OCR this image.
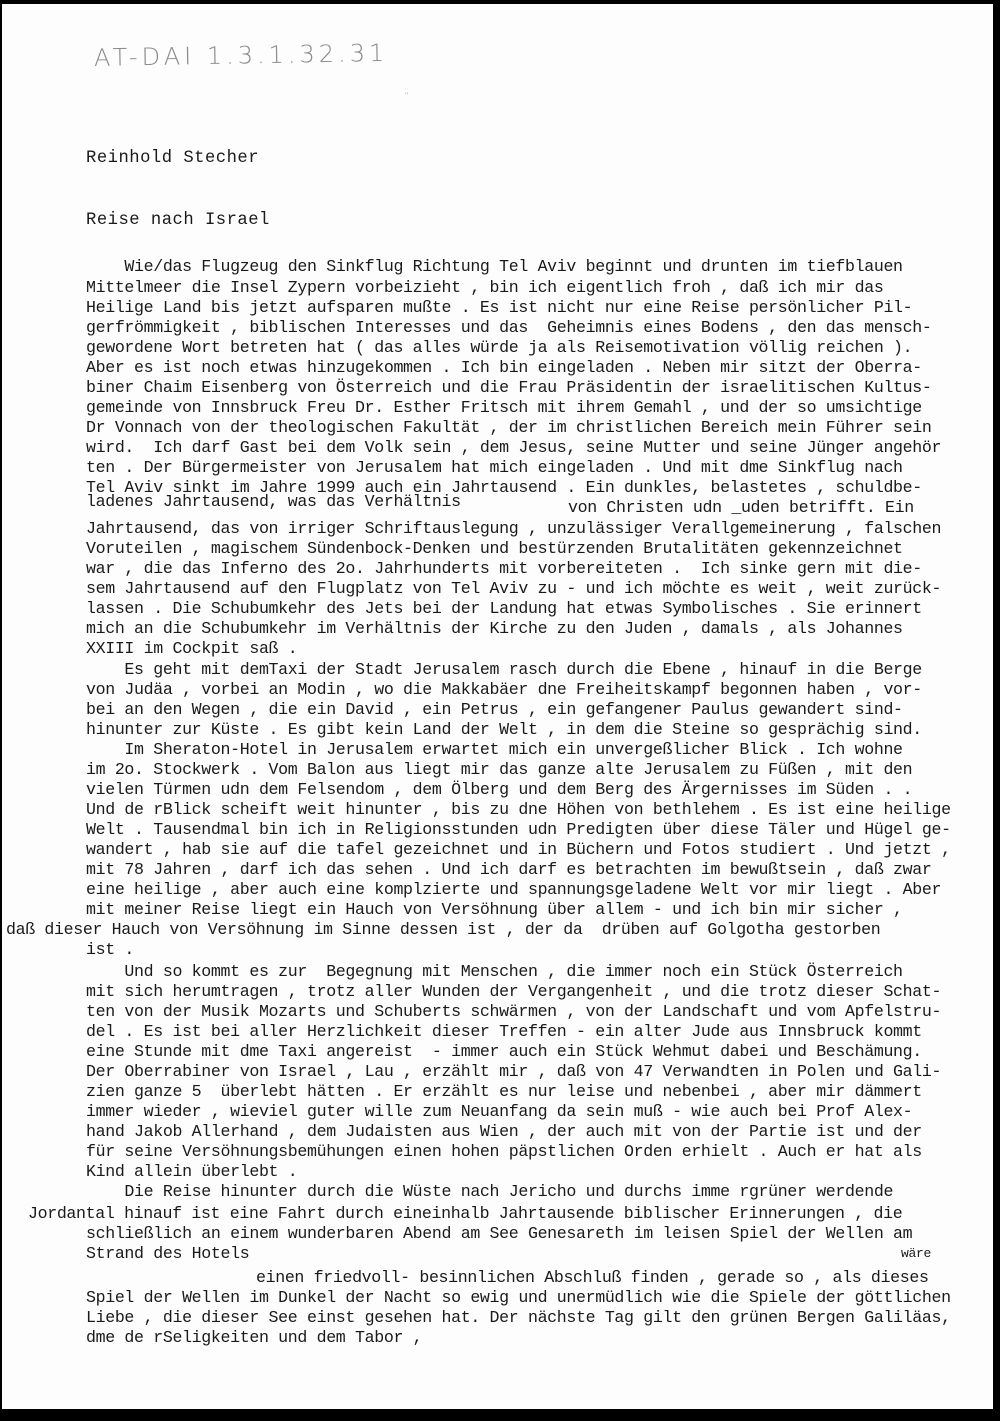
AT-DAI 1.3.1.32.31
''
Reinhold Stecher
Reise nach Israel
Wie/das Flugzeug den Sinkflug Richtung Tel Aviv beginnt und drunten im tiefblauen
Mittelmeer die Insel Zypern vorbeizieht , bin ich eigentlich froh , daß ich mir das
Heilige Land bis jetzt aufsparen mußte . Es ist nicht nur eine Reise persönlicher Pil-
gerfrömmigkeit , biblischen Interesses und das  Geheimnis eines Bodens , den das mensch-
gewordene Wort betreten hat ( das alles würde ja als Reisemotivation völlig reichen ).
Aber es ist noch etwas hinzugekommen . Ich bin eingeladen . Neben mir sitzt der Oberra-
biner Chaim Eisenberg von Österreich und die Frau Präsidentin der israelitischen Kultus-
gemeinde von Innsbruck Freu Dr. Esther Fritsch mit ihrem Gemahl , und der so umsichtige
Dr Vonnach von der theologischen Fakultät , der im christlichen Bereich mein Führer sein
wird.  Ich darf Gast bei dem Volk sein , dem Jesus, seine Mutter und seine Jünger angehör
ten . Der Bürgermeister von Jerusalem hat mich eingeladen . Und mit dme Sinkflug nach
Tel Aviv sinkt im Jahre 1999 auch ein Jahrtausend . Ein dunkles, belastetes , schuldbe-
ladenes Jahrtausend, was das Verhältnis	von Christen udn _uden betrifft. Ein
Jahrtausend, das von irriger Schriftauslegung , unzulässiger Verallgemeinerung , falschen
Voruteilen , magischem Sündenbock-Denken und bestürzenden Brutalitäten gekennzeichnet
war , die das Inferno des 2o. Jahrhunderts mit vorbereiteten .  Ich sinke gern mit die-
sem Jahrtausend auf den Flugplatz von Tel Aviv zu - und ich möchte es weit , weit zurück-
lassen . Die Schubumkehr des Jets bei der Landung hat etwas Symbolisches . Sie erinnert
mich an die Schubumkehr im Verhältnis der Kirche zu den Juden , damals , als Johannes
XXIII im Cockpit saß .
Es geht mit demTaxi der Stadt Jerusalem rasch durch die Ebene , hinauf in die Berge
von Judäa , vorbei an Modin , wo die Makkabäer dne Freiheitskampf begonnen haben , vor-
bei an den Wegen , die ein David , ein Petrus , ein gefangener Paulus gewandert sind-
hinunter zur Küste . Es gibt kein Land der Welt , in dem die Steine so gesprächig sind.
Im Sheraton-Hotel in Jerusalem erwartet mich ein unvergeßlicher Blick . Ich wohne
im 2o. Stockwerk . Vom Balon aus liegt mir das ganze alte Jerusalem zu Füßen , mit den
vielen Türmen udn dem Felsendom , dem Ölberg und dem Berg des Ärgernisses im Süden . .
Und de rBlick scheift weit hinunter , bis zu dne Höhen von bethlehem . Es ist eine heilige
Welt . Tausendmal bin ich in Religionsstunden udn Predigten über diese Täler und Hügel ge-
wandert , hab sie auf die tafel gezeichnet und in Büchern und Fotos studiert . Und jetzt ,
mit 78 Jahren , darf ich das sehen . Und ich darf es betrachten im bewußtsein , daß zwar
eine heilige , aber auch eine komplzierte und spannungsgeladene Welt vor mir liegt . Aber
mit meiner Reise liegt ein Hauch von Versöhnung über allem - und ich bin mir sicher ,
daß dieser Hauch von Versöhnung im Sinne dessen ist , der da  drüben auf Golgotha gestorben
ist .
Und so kommt es zur  Begegnung mit Menschen , die immer noch ein Stück Österreich
mit sich herumtragen , trotz aller Wunden der Vergangenheit , und die trotz dieser Schat-
ten von der Musik Mozarts und Schuberts schwärmen , von der Landschaft und vom Apfelstru-
del . Es ist bei aller Herzlichkeit dieser Treffen - ein alter Jude aus Innsbruck kommt
eine Stunde mit dme Taxi angereist  - immer auch ein Stück Wehmut dabei und Beschämung.
Der Oberrabiner von Israel , Lau , erzählt mir , daß von 47 Verwandten in Polen und Gali-
zien ganze 5  überlebt hätten . Er erzählt es nur leise und nebenbei , aber mir dämmert
immer wieder , wieviel guter wille zum Neuanfang da sein muß - wie auch bei Prof Alex-
hand Jakob Allerhand , dem Judaisten aus Wien , der auch mit von der Partie ist und der
für seine Versöhnungsbemühungen einen hohen päpstlichen Orden erhielt . Auch er hat als
Kind allein überlebt .
Die Reise hinunter durch die Wüste nach Jericho und durchs imme rgrüner werdende
Jordantal hinauf ist eine Fahrt durch eineinhalb Jahrtausende biblischer Erinnerungen , die
schließlich an einem wunderbaren Abend am See Genesareth im leisen Spiel der Wellen am
Strand des Hotels
einen friedvoll- besinnlichen Abschluß finden , gerade so , als dieses
wäre
Spiel der Wellen im Dunkel der Nacht so ewig und unermüdlich wie die Spiele der göttlichen
Liebe , die dieser See einst gesehen hat. Der nächste Tag gilt den grünen Bergen Galiläas,
dme de rSeligkeiten und dem Tabor ,
